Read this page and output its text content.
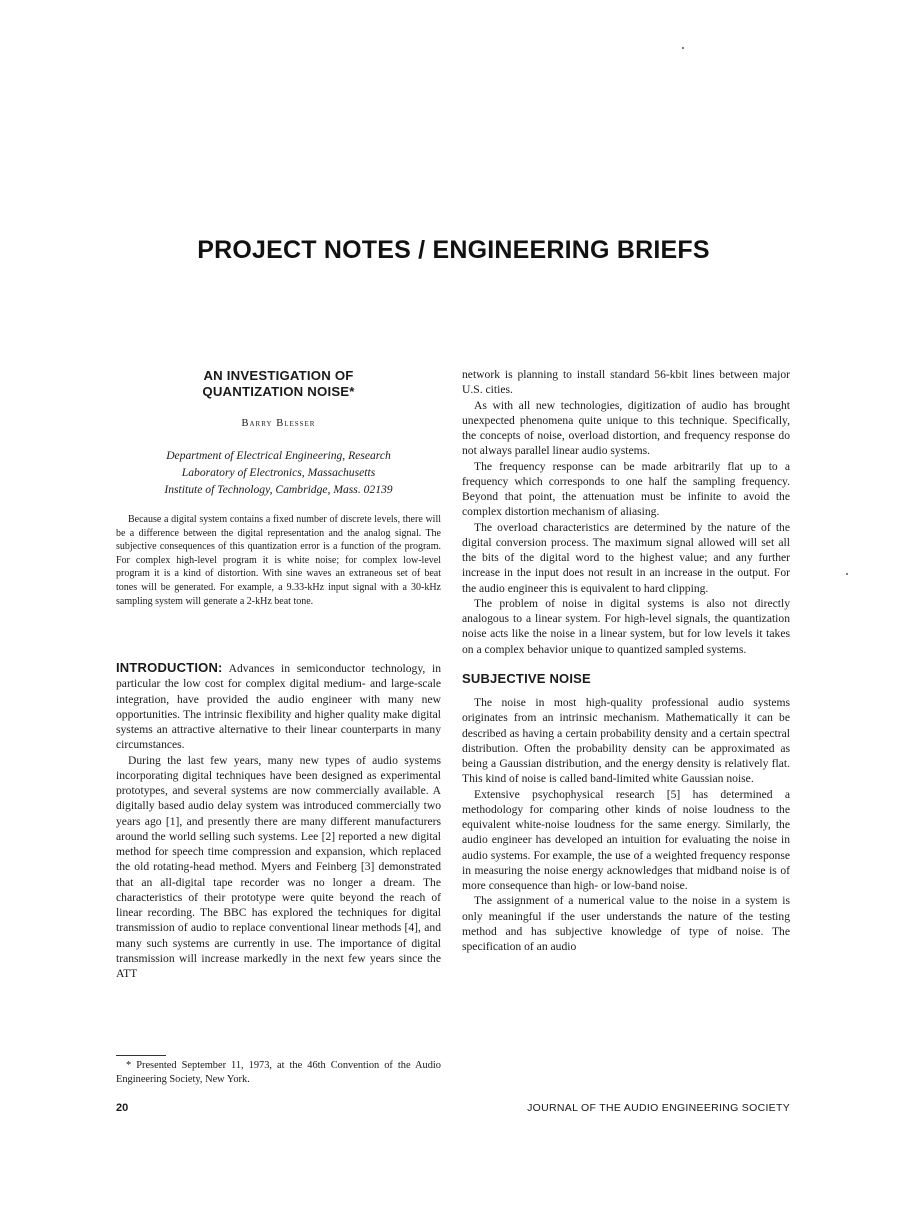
PROJECT NOTES / ENGINEERING BRIEFS
AN INVESTIGATION OF
QUANTIZATION NOISE*
Barry Blesser
Department of Electrical Engineering, Research
Laboratory of Electronics, Massachusetts
Institute of Technology, Cambridge, Mass. 02139

Because a digital system contains a fixed number of discrete levels, there will be a difference between the digital representation and the analog signal. The subjective consequences of this quantization error is a function of the program. For complex high-level program it is white noise; for complex low-level program it is a kind of distortion. With sine waves an extraneous set of beat tones will be generated. For example, a 9.33-kHz input signal with a 30-kHz sampling system will generate a 2-kHz beat tone.

INTRODUCTION: Advances in semiconductor technology, in particular the low cost for complex digital medium- and large-scale integration, have provided the audio engineer with many new opportunities. The intrinsic flexibility and higher quality make digital systems an attractive alternative to their linear counterparts in many circumstances.

During the last few years, many new types of audio systems incorporating digital techniques have been designed as experimental prototypes, and several systems are now commercially available. A digitally based audio delay system was introduced commercially two years ago [1], and presently there are many different manufacturers around the world selling such systems. Lee [2] reported a new digital method for speech time compression and expansion, which replaced the old rotating-head method. Myers and Feinberg [3] demonstrated that an all-digital tape recorder was no longer a dream. The characteristics of their prototype were quite beyond the reach of linear recording. The BBC has explored the techniques for digital transmission of audio to replace conventional linear methods [4], and many such systems are currently in use. The importance of digital transmission will increase markedly in the next few years since the ATT

* Presented September 11, 1973, at the 46th Convention of the Audio Engineering Society, New York.

network is planning to install standard 56-kbit lines between major U.S. cities.

As with all new technologies, digitization of audio has brought unexpected phenomena quite unique to this technique. Specifically, the concepts of noise, overload distortion, and frequency response do not always parallel linear audio systems.

The frequency response can be made arbitrarily flat up to a frequency which corresponds to one half the sampling frequency. Beyond that point, the attenuation must be infinite to avoid the complex distortion mechanism of aliasing.

The overload characteristics are determined by the nature of the digital conversion process. The maximum signal allowed will set all the bits of the digital word to the highest value; and any further increase in the input does not result in an increase in the output. For the audio engineer this is equivalent to hard clipping.

The problem of noise in digital systems is also not directly analogous to a linear system. For high-level signals, the quantization noise acts like the noise in a linear system, but for low levels it takes on a complex behavior unique to quantized sampled systems.

SUBJECTIVE NOISE

The noise in most high-quality professional audio systems originates from an intrinsic mechanism. Mathematically it can be described as having a certain probability density and a certain spectral distribution. Often the probability density can be approximated as being a Gaussian distribution, and the energy density is relatively flat. This kind of noise is called band-limited white Gaussian noise.

Extensive psychophysical research [5] has determined a methodology for comparing other kinds of noise loudness to the equivalent white-noise loudness for the same energy. Similarly, the audio engineer has developed an intuition for evaluating the noise in audio systems. For example, the use of a weighted frequency response in measuring the noise energy acknowledges that midband noise is of more consequence than high- or low-band noise.

The assignment of a numerical value to the noise in a system is only meaningful if the user understands the nature of the testing method and has subjective knowledge of type of noise. The specification of an audio

20	JOURNAL OF THE AUDIO ENGINEERING SOCIETY
